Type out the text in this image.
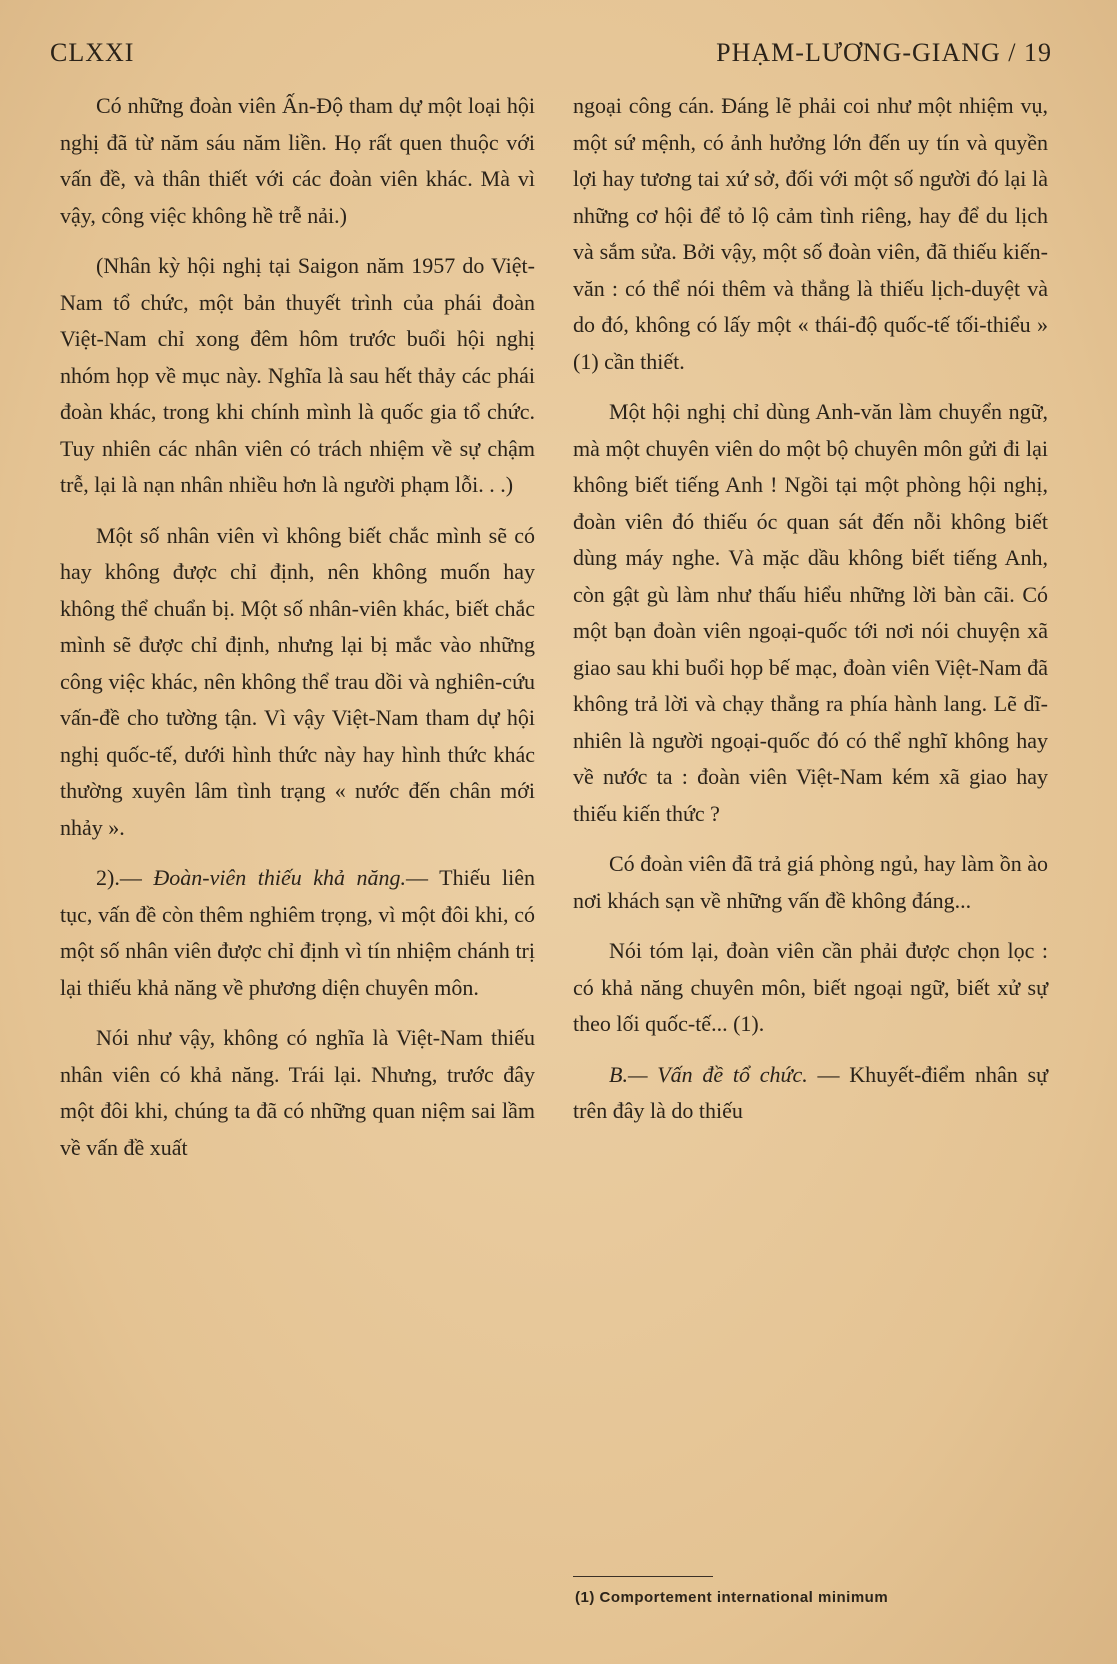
CLXXI	PHẠM-LƯƠNG-GIANG / 19

Có những đoàn viên Ấn-Độ tham dự một loại hội nghị đã từ năm sáu năm liền. Họ rất quen thuộc với vấn đề, và thân thiết với các đoàn viên khác. Mà vì vậy, công việc không hề trễ nải.)

(Nhân kỳ hội nghị tại Saigon năm 1957 do Việt-Nam tổ chức, một bản thuyết trình của phái đoàn Việt-Nam chỉ xong đêm hôm trước buổi hội nghị nhóm họp về mục này. Nghĩa là sau hết thảy các phái đoàn khác, trong khi chính mình là quốc gia tổ chức. Tuy nhiên các nhân viên có trách nhiệm về sự chậm trễ, lại là nạn nhân nhiều hơn là người phạm lỗi. . .)

Một số nhân viên vì không biết chắc mình sẽ có hay không được chỉ định, nên không muốn hay không thể chuẩn bị. Một số nhân-viên khác, biết chắc mình sẽ được chỉ định, nhưng lại bị mắc vào những công việc khác, nên không thể trau dồi và nghiên-cứu vấn-đề cho tường tận. Vì vậy Việt-Nam tham dự hội nghị quốc-tế, dưới hình thức này hay hình thức khác thường xuyên lâm tình trạng « nước đến chân mới nhảy ».

2).— Đoàn-viên thiếu khả năng.— Thiếu liên tục, vấn đề còn thêm nghiêm trọng, vì một đôi khi, có một số nhân viên được chỉ định vì tín nhiệm chánh trị lại thiếu khả năng về phương diện chuyên môn.

Nói như vậy, không có nghĩa là Việt-Nam thiếu nhân viên có khả năng. Trái lại. Nhưng, trước đây một đôi khi, chúng ta đã có những quan niệm sai lầm về vấn đề xuất

ngoại công cán. Đáng lẽ phải coi như một nhiệm vụ, một sứ mệnh, có ảnh hưởng lớn đến uy tín và quyền lợi hay tương tai xứ sở, đối với một số người đó lại là những cơ hội để tỏ lộ cảm tình riêng, hay để du lịch và sắm sửa. Bởi vậy, một số đoàn viên, đã thiếu kiến-văn : có thể nói thêm và thẳng là thiếu lịch-duyệt và do đó, không có lấy một « thái-độ quốc-tế tối-thiểu » (1) cần thiết.

Một hội nghị chỉ dùng Anh-văn làm chuyển ngữ, mà một chuyên viên do một bộ chuyên môn gửi đi lại không biết tiếng Anh ! Ngồi tại một phòng hội nghị, đoàn viên đó thiếu óc quan sát đến nỗi không biết dùng máy nghe. Và mặc dầu không biết tiếng Anh, còn gật gù làm như thấu hiểu những lời bàn cãi. Có một bạn đoàn viên ngoại-quốc tới nơi nói chuyện xã giao sau khi buổi họp bế mạc, đoàn viên Việt-Nam đã không trả lời và chạy thẳng ra phía hành lang. Lẽ dĩ-nhiên là người ngoại-quốc đó có thể nghĩ không hay về nước ta : đoàn viên Việt-Nam kém xã giao hay thiếu kiến thức ?

Có đoàn viên đã trả giá phòng ngủ, hay làm ồn ào nơi khách sạn về những vấn đề không đáng...

Nói tóm lại, đoàn viên cần phải được chọn lọc : có khả năng chuyên môn, biết ngoại ngữ, biết xử sự theo lối quốc-tế... (1).

B.— Vấn đề tổ chức. — Khuyết-điểm nhân sự trên đây là do thiếu

(1) Comportement international minimum
